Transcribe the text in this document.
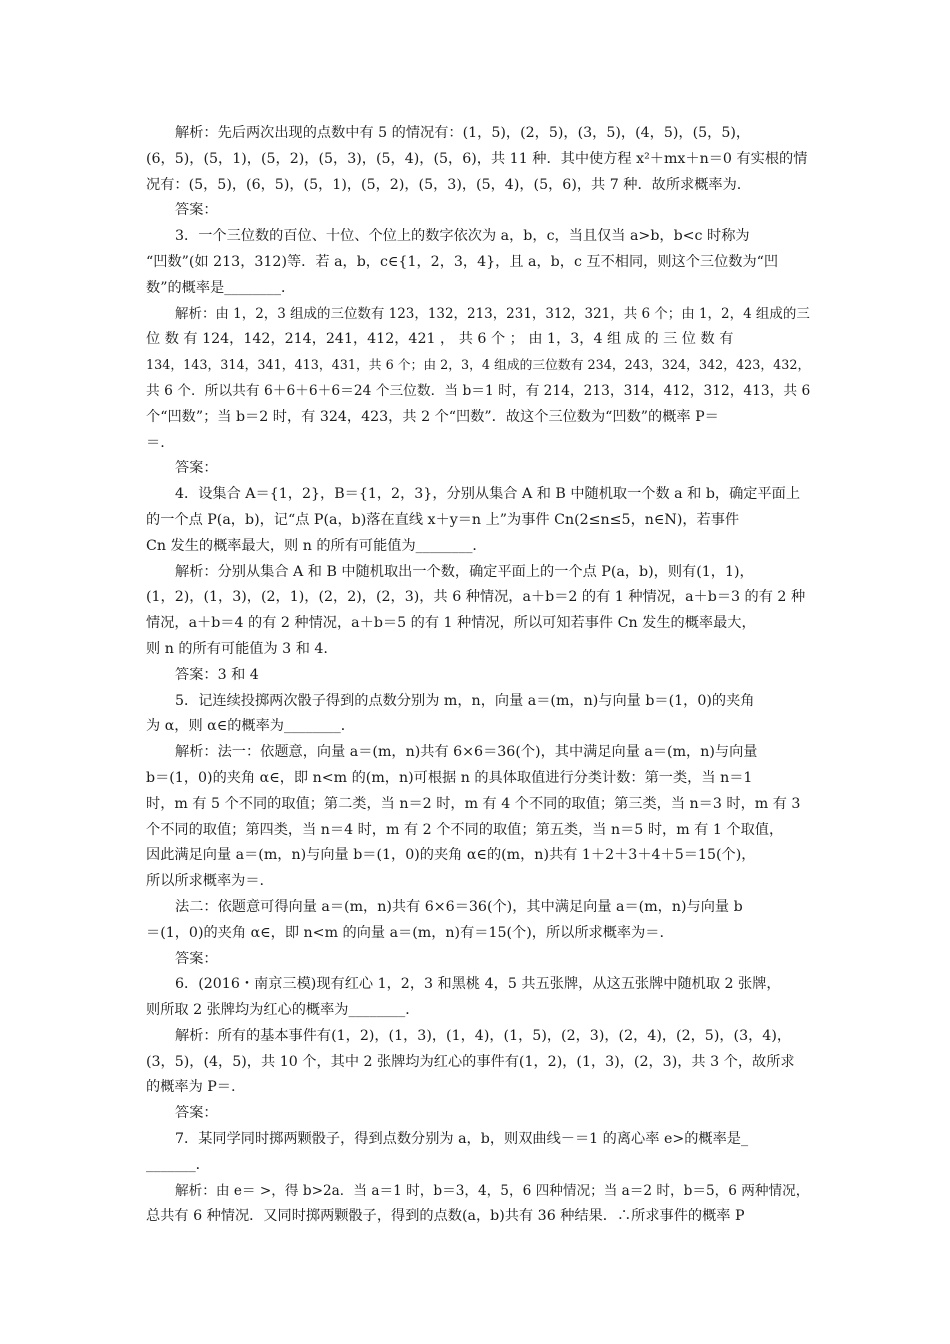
解析：先后两次出现的点数中有 5 的情况有：(1，5)，(2，5)，(3，5)，(4，5)，(5，5)，
(6，5)，(5，1)，(5，2)，(5，3)，(5，4)，(5，6)，共 11 种．其中使方程 x²＋mx＋n＝0 有实根的情
况有：(5，5)，(6，5)，(5，1)，(5，2)，(5，3)，(5，4)，(5，6)，共 7 种．故所求概率为.
答案：
3．一个三位数的百位、十位、个位上的数字依次为 a，b，c，当且仅当 a>b，b<c 时称为
“凹数”(如 213，312)等．若 a，b，c∈{1，2，3，4}，且 a，b，c 互不相同，则这个三位数为“凹
数”的概率是________．
解析：由 1，2，3 组成的三位数有 123，132，213，231，312，321，共 6 个；由 1，2，4 组成的三
位 数 有 124，142，214，241，412，421 ， 共 6 个 ； 由 1，3，4 组 成 的 三 位 数 有
134，143，314，341，413，431，共 6 个；由 2，3，4 组成的三位数有 234，243，324，342，423，432，
共 6 个．所以共有 6＋6＋6＋6＝24 个三位数．当 b＝1 时，有 214，213，314，412，312，413，共 6
个“凹数”；当 b＝2 时，有 324，423，共 2 个“凹数”．故这个三位数为“凹数”的概率 P＝
＝.
答案：
4．设集合 A＝{1，2}，B＝{1，2，3}，分别从集合 A 和 B 中随机取一个数 a 和 b，确定平面上
的一个点 P(a，b)，记“点 P(a，b)落在直线 x＋y＝n 上”为事件 Cn(2≤n≤5，n∈N)，若事件
Cn 发生的概率最大，则 n 的所有可能值为________．
解析：分别从集合 A 和 B 中随机取出一个数，确定平面上的一个点 P(a，b)，则有(1，1)，
(1，2)，(1，3)，(2，1)，(2，2)，(2，3)，共 6 种情况，a＋b＝2 的有 1 种情况，a＋b＝3 的有 2 种
情况，a＋b＝4 的有 2 种情况，a＋b＝5 的有 1 种情况，所以可知若事件 Cn 发生的概率最大，
则 n 的所有可能值为 3 和 4.
答案：3 和 4
5．记连续投掷两次骰子得到的点数分别为 m，n，向量 a＝(m，n)与向量 b＝(1，0)的夹角
为 α，则 α∈的概率为________．
解析：法一：依题意，向量 a＝(m，n)共有 6×6＝36(个)，其中满足向量 a＝(m，n)与向量
b＝(1，0)的夹角 α∈，即 n<m 的(m，n)可根据 n 的具体取值进行分类计数：第一类，当 n＝1
时，m 有 5 个不同的取值；第二类，当 n＝2 时，m 有 4 个不同的取值；第三类，当 n＝3 时，m 有 3
个不同的取值；第四类，当 n＝4 时，m 有 2 个不同的取值；第五类，当 n＝5 时，m 有 1 个取值，
因此满足向量 a＝(m，n)与向量 b＝(1，0)的夹角 α∈的(m，n)共有 1＋2＋3＋4＋5＝15(个)，
所以所求概率为＝.
法二：依题意可得向量 a＝(m，n)共有 6×6＝36(个)，其中满足向量 a＝(m，n)与向量 b
＝(1，0)的夹角 α∈，即 n<m 的向量 a＝(m，n)有＝15(个)，所以所求概率为＝.
答案：
6．(2016・南京三模)现有红心 1，2，3 和黑桃 4，5 共五张牌，从这五张牌中随机取 2 张牌，
则所取 2 张牌均为红心的概率为________．
解析：所有的基本事件有(1，2)，(1，3)，(1，4)，(1，5)，(2，3)，(2，4)，(2，5)，(3，4)，
(3，5)，(4，5)，共 10 个，其中 2 张牌均为红心的事件有(1，2)，(1，3)，(2，3)，共 3 个，故所求
的概率为 P＝.
答案：
7．某同学同时掷两颗骰子，得到点数分别为 a，b，则双曲线－＝1 的离心率 e>的概率是_
_______．
解析：由 e＝ >，得 b>2a．当 a＝1 时，b＝3，4，5，6 四种情况；当 a＝2 时，b＝5，6 两种情况，
总共有 6 种情况．又同时掷两颗骰子，得到的点数(a，b)共有 36 种结果．∴所求事件的概率 P
